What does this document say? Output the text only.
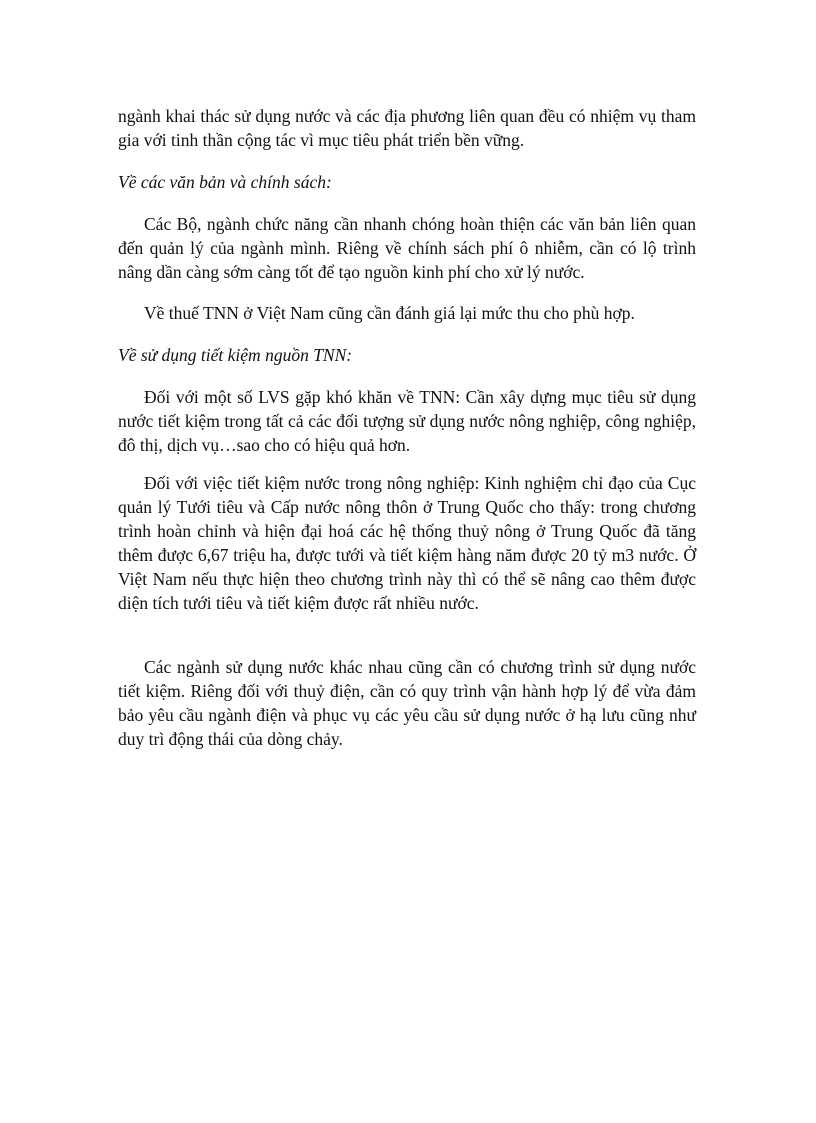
ngành khai thác sử dụng nước và các địa phương liên quan đều có nhiệm vụ tham gia với tinh thần cộng tác vì mục tiêu phát triển bền vững.

Về các văn bản và chính sách:

Các Bộ, ngành chức năng cần nhanh chóng hoàn thiện các văn bản liên quan đến quản lý của ngành mình. Riêng về chính sách phí ô nhiễm, cần có lộ trình nâng dần càng sớm càng tốt để tạo nguồn kinh phí cho xử lý nước.

Về thuế TNN ở Việt Nam cũng cần đánh giá lại mức thu cho phù hợp.

Về sử dụng tiết kiệm nguồn TNN:

Đối với một số LVS gặp khó khăn về TNN: Cần xây dựng mục tiêu sử dụng nước tiết kiệm trong tất cả các đối tượng sử dụng nước nông nghiệp, công nghiệp, đô thị, dịch vụ…sao cho có hiệu quả hơn.

Đối với việc tiết kiệm nước trong nông nghiệp: Kinh nghiệm chỉ đạo của Cục quản lý Tưới tiêu và Cấp nước nông thôn ở Trung Quốc cho thấy: trong chương trình hoàn chỉnh và hiện đại hoá các hệ thống thuỷ nông ở Trung Quốc đã tăng thêm được 6,67 triệu ha, được tưới và tiết kiệm hàng năm được 20 tỷ m3 nước. Ở Việt Nam nếu thực hiện theo chương trình này thì có thể sẽ nâng cao thêm được diện tích tưới tiêu và tiết kiệm được rất nhiều nước.

Các ngành sử dụng nước khác nhau cũng cần có chương trình sử dụng nước tiết kiệm. Riêng đối với thuỷ điện, cần có quy trình vận hành hợp lý để vừa đảm bảo yêu cầu ngành điện và phục vụ các yêu cầu sử dụng nước ở hạ lưu cũng như duy trì động thái của dòng chảy.
